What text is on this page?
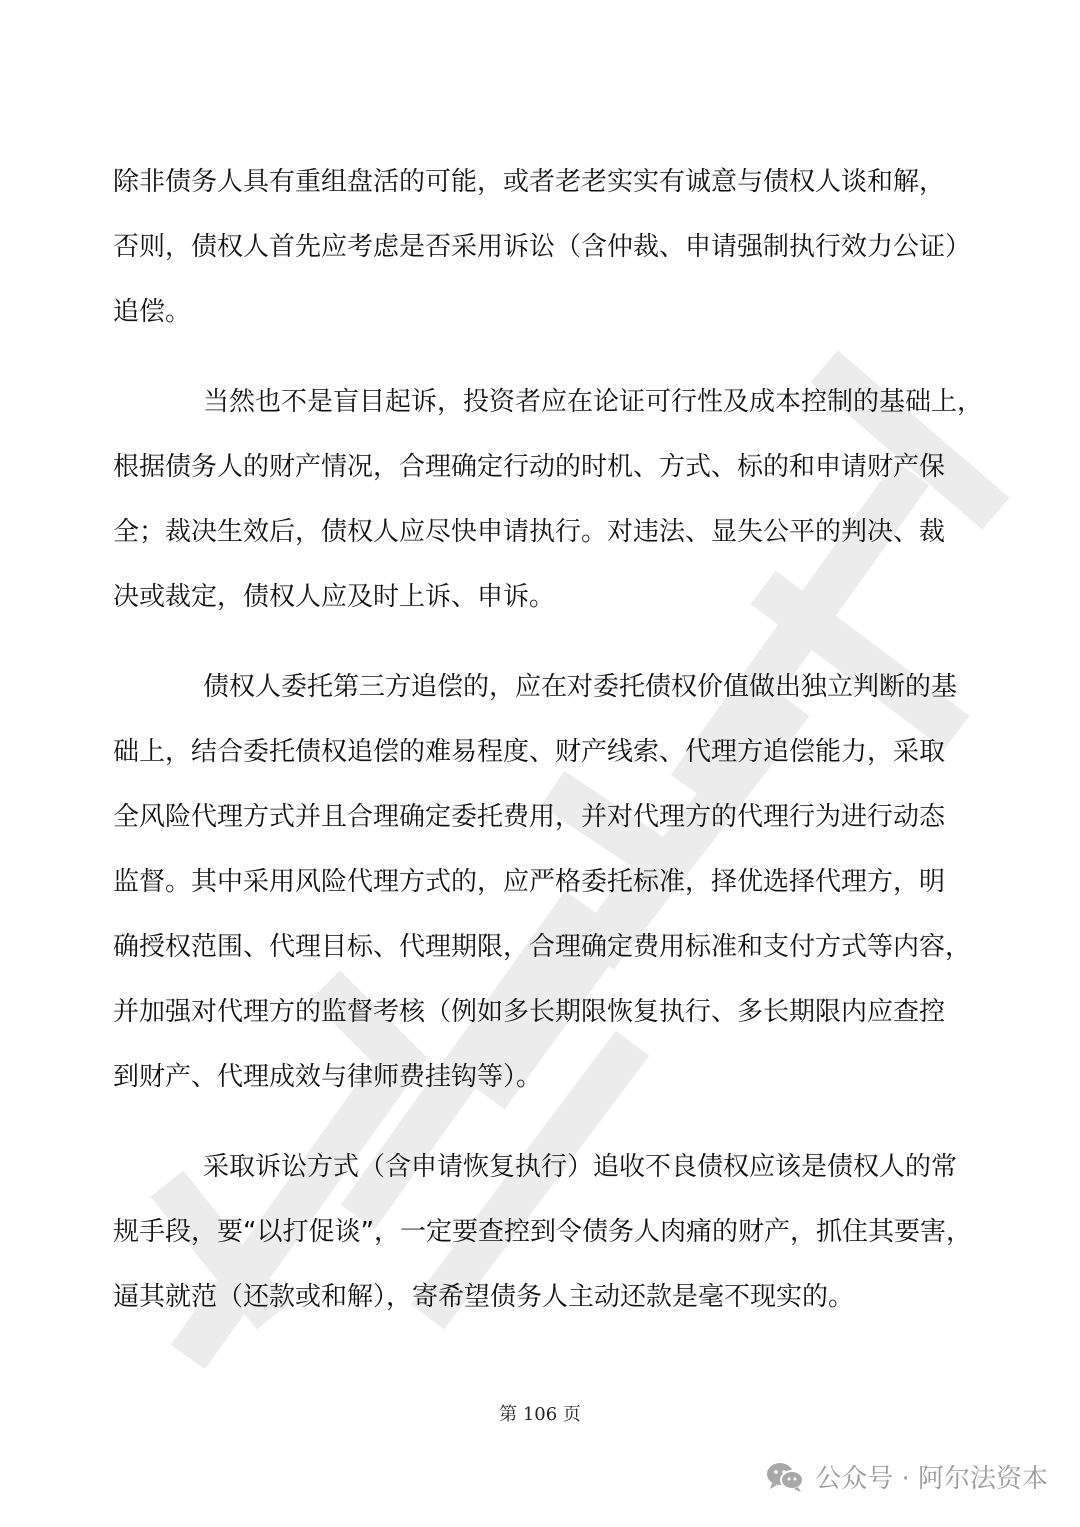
除非债务人具有重组盘活的可能，或者老老实实有诚意与债权人谈和解，
否则，债权人首先应考虑是否采用诉讼（含仲裁、申请强制执行效力公证）
追偿。
当然也不是盲目起诉，投资者应在论证可行性及成本控制的基础上，
根据债务人的财产情况，合理确定行动的时机、方式、标的和申请财产保
全；裁决生效后，债权人应尽快申请执行。对违法、显失公平的判决、裁
决或裁定，债权人应及时上诉、申诉。
债权人委托第三方追偿的，应在对委托债权价值做出独立判断的基
础上，结合委托债权追偿的难易程度、财产线索、代理方追偿能力，采取
全风险代理方式并且合理确定委托费用，并对代理方的代理行为进行动态
监督。其中采用风险代理方式的，应严格委托标准，择优选择代理方，明
确授权范围、代理目标、代理期限，合理确定费用标准和支付方式等内容，
并加强对代理方的监督考核（例如多长期限恢复执行、多长期限内应查控
到财产、代理成效与律师费挂钩等）。
采取诉讼方式（含申请恢复执行）追收不良债权应该是债权人的常
规手段，要“以打促谈”，一定要查控到令债务人肉痛的财产，抓住其要害，
逼其就范（还款或和解），寄希望债务人主动还款是毫不现实的。
第 106 页
公众号 · 阿尔法资本
